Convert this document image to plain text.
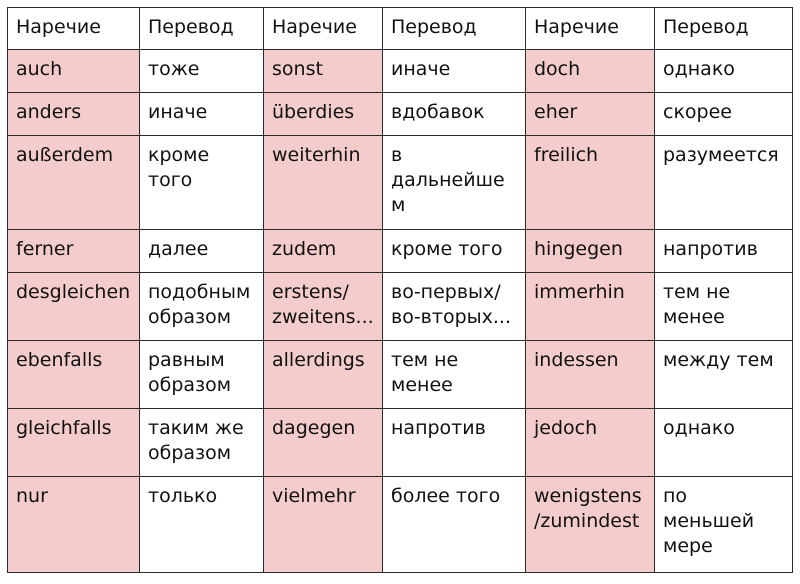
Наречие	Перевод	Наречие	Перевод	Наречие	Перевод
auch	тоже	sonst	иначе	doch	однако
anders	иначе	überdies	вдобавок	eher	скорее
außerdem	кроме того	weiterhin	в дальнейшем	freilich	разумеется
ferner	далее	zudem	кроме того	hingegen	напротив
desgleichen	подобным образом	erstens/ zweitens...	во-первых/ во-вторых...	immerhin	тем не менее
ebenfalls	равным образом	allerdings	тем не менее	indessen	между тем
gleichfalls	таким же образом	dagegen	напротив	jedoch	однако
nur	только	vielmehr	более того	wenigstens /zumindest	по меньшей мере
